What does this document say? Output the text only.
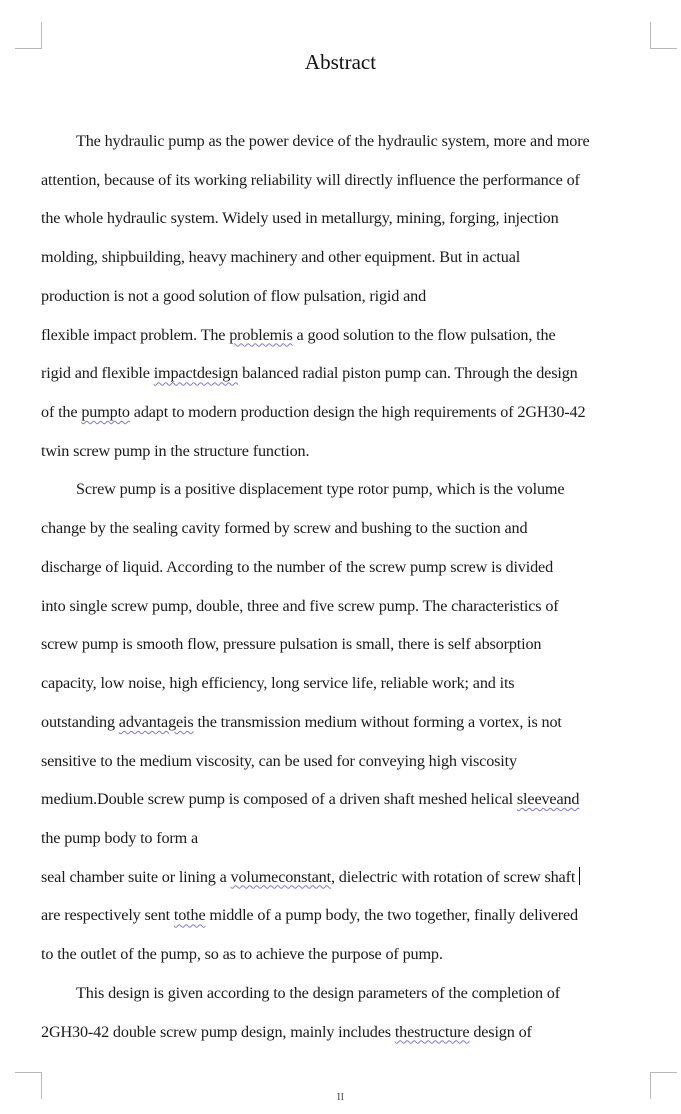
Abstract
The hydraulic pump as the power device of the hydraulic system, more and more
attention, because of its working reliability will directly influence the performance of
the whole hydraulic system. Widely used in metallurgy, mining, forging, injection
molding, shipbuilding, heavy machinery and other equipment. But in actual
production is not a good solution of flow pulsation, rigid and
flexible impact problem. The problemis a good solution to the flow pulsation, the
rigid and flexible impactdesign balanced radial piston pump can. Through the design
of the pumpto adapt to modern production design the high requirements of 2GH30-42
twin screw pump in the structure function.
Screw pump is a positive displacement type rotor pump, which is the volume
change by the sealing cavity formed by screw and bushing to the suction and
discharge of liquid. According to the number of the screw pump screw is divided
into single screw pump, double, three and five screw pump. The characteristics of
screw pump is smooth flow, pressure pulsation is small, there is self absorption
capacity, low noise, high efficiency, long service life, reliable work; and its
outstanding advantageis the transmission medium without forming a vortex, is not
sensitive to the medium viscosity, can be used for conveying high viscosity
medium.Double screw pump is composed of a driven shaft meshed helical sleeveand
the pump body to form a
seal chamber suite or lining a volumeconstant, dielectric with rotation of screw shaft
are respectively sent tothe middle of a pump body, the two together, finally delivered
to the outlet of the pump, so as to achieve the purpose of pump.
This design is given according to the design parameters of the completion of
2GH30-42 double screw pump design, mainly includes thestructure design of
II
